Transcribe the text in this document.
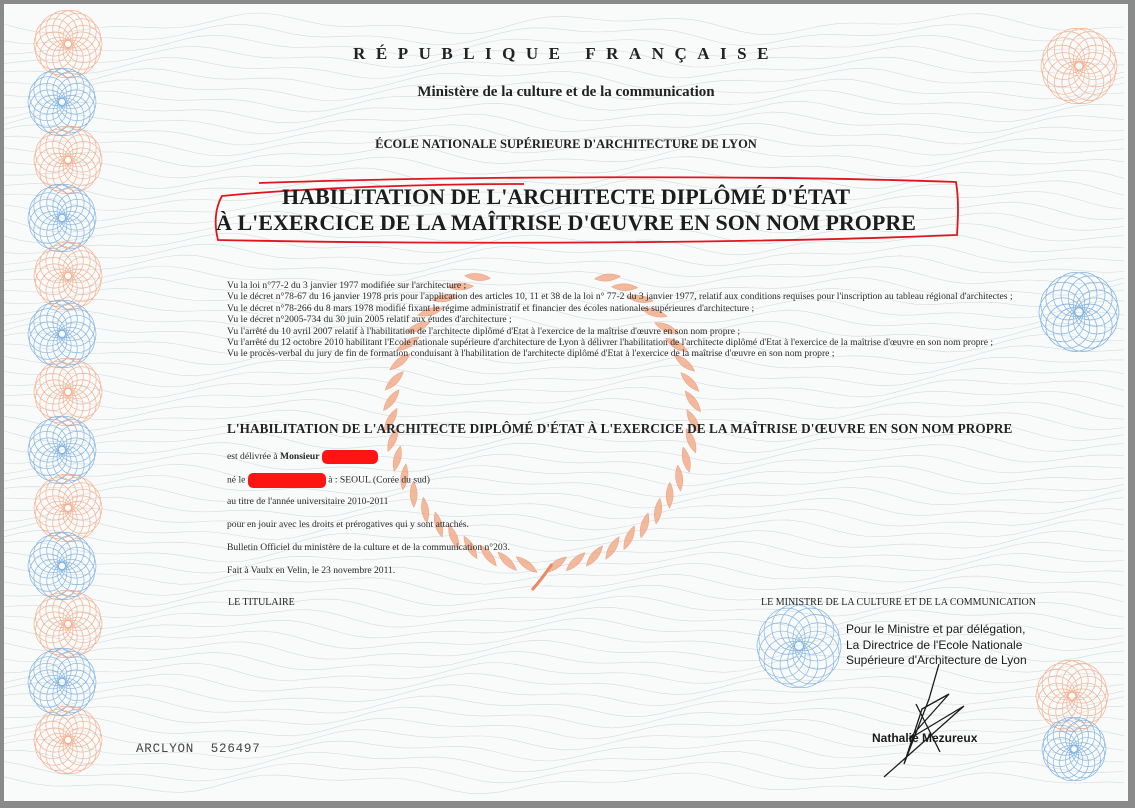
RÉPUBLIQUE FRANÇAISE
Ministère de la culture et de la communication
ÉCOLE NATIONALE SUPÉRIEURE D'ARCHITECTURE DE LYON
HABILITATION DE L'ARCHITECTE DIPLÔMÉ D'ÉTAT
À L'EXERCICE DE LA MAÎTRISE D'ŒUVRE EN SON NOM PROPRE
Vu la loi n°77-2 du 3 janvier 1977 modifiée sur l'architecture ;
Vu le décret n°78-67 du 16 janvier 1978 pris pour l'application des articles 10, 11 et 38 de la loi n° 77-2 du 3 janvier 1977, relatif aux conditions requises pour l'inscription au tableau régional d'architectes ;
Vu le décret n°78-266 du 8 mars 1978 modifié fixant le régime administratif et financier des écoles nationales supérieures d'architecture ;
Vu le décret n°2005-734 du 30 juin 2005 relatif aux études d'architecture ;
Vu l'arrêté du 10 avril 2007 relatif à l'habilitation de l'architecte diplômé d'Etat à l'exercice de la maîtrise d'œuvre en son nom propre ;
Vu l'arrêté du 12 octobre 2010 habilitant l'Ecole nationale supérieure d'architecture de Lyon à délivrer l'habilitation de l'architecte diplômé d'Etat à l'exercice de la maîtrise d'œuvre en son nom propre ;
Vu le procès-verbal du jury de fin de formation conduisant à l'habilitation de l'architecte diplômé d'Etat à l'exercice de la maîtrise d'œuvre en son nom propre ;
L'HABILITATION DE L'ARCHITECTE DIPLÔMÉ D'ÉTAT À L'EXERCICE DE LA MAÎTRISE D'ŒUVRE EN SON NOM PROPRE
est délivrée à Monsieur
né le	à : SEOUL (Corée du sud)
au titre de l'année universitaire 2010-2011
pour en jouir avec les droits et prérogatives qui y sont attachés.
Bulletin Officiel du ministère de la culture et de la communication n°203.
Fait à Vaulx en Velin, le 23 novembre 2011.
LE TITULAIRE	LE MINISTRE DE LA CULTURE ET DE LA COMMUNICATION
Pour le Ministre et par délégation,
La Directrice de l'Ecole Nationale
Supérieure d'Architecture de Lyon
Nathalie Mezureux
ARCLYON 526497
